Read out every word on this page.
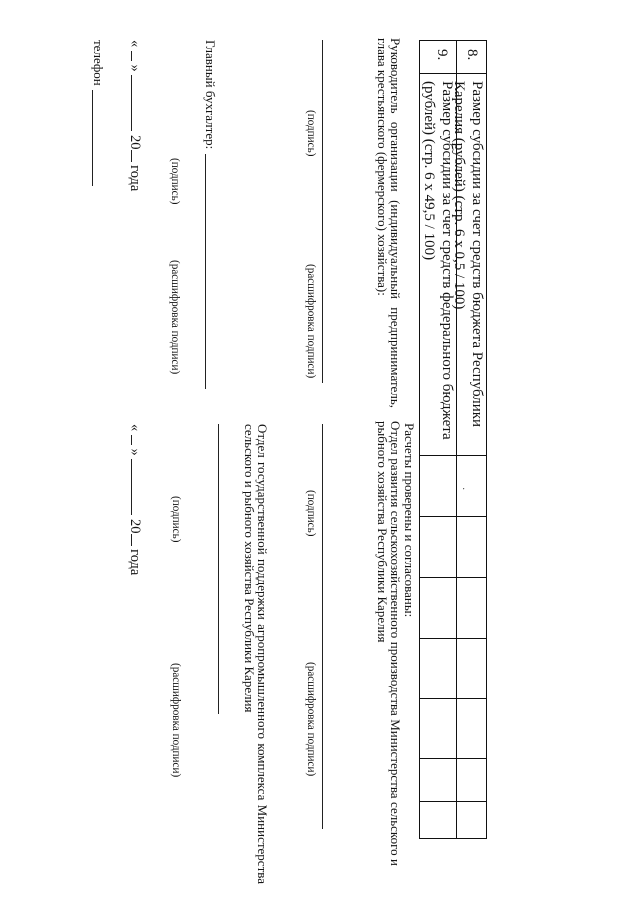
8.
Размер субсидии за счет средств бюджета Республики Карелия (рублей) (стр. 6 х 0,5 / 100)
9.
Размер субсидии за счет средств федерального бюджета (рублей) (стр. 6 х 49,5 / 100)
·
Расчеты проверены и согласованы:
Руководитель организации (индивидуальный предприниматель, глава крестьянского (фермерского) хозяйства):
(подпись)
(расшифровка подписи)
Главный бухгалтер:
(подпись)
(расшифровка подписи)
«  »  20 года
телефон
Отдел развития сельскохозяйственного производства Министерства сельского и рыбного хозяйства Республики Карелия
(подпись)
(расшифровка подписи)
Отдел государственной поддержки агропромышленного комплекса Министерства сельского и рыбного хозяйства Республики Карелия
(подпись)
(расшифровка подписи)
«  »  20 года
